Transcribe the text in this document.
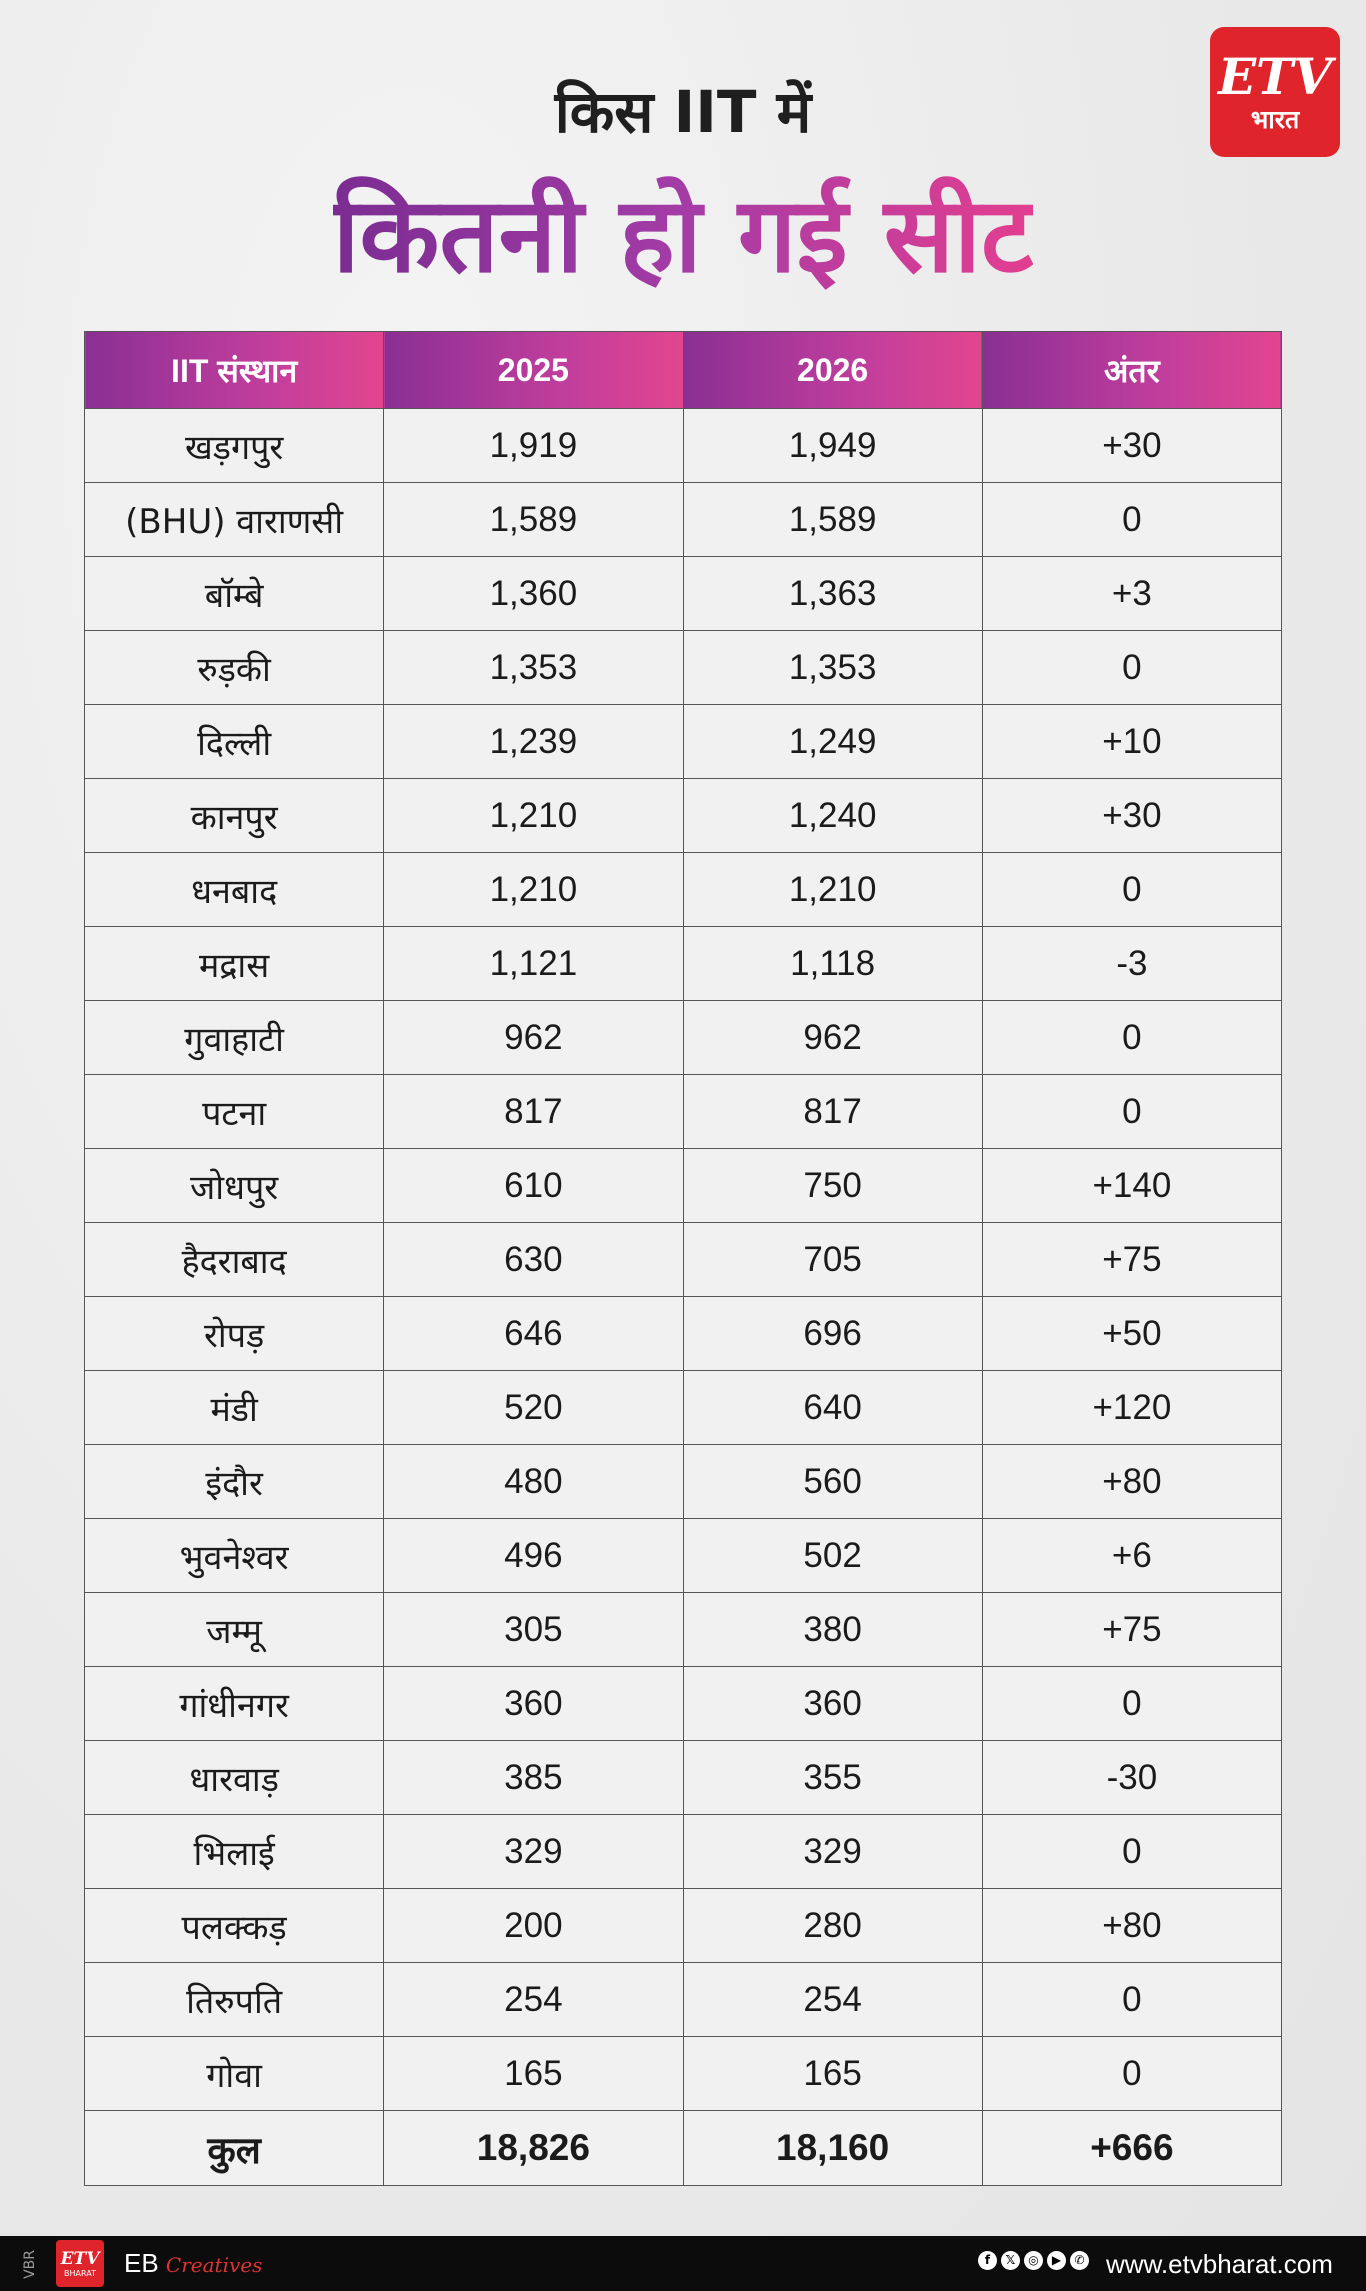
ETV
भारत
किस IIT में
कितनी हो गई सीट
IIT संस्थान	2025	2026	अंतर
खड़गपुर	1,919	1,949	+30
(BHU) वाराणसी	1,589	1,589	0
बॉम्बे	1,360	1,363	+3
रुड़की	1,353	1,353	0
दिल्ली	1,239	1,249	+10
कानपुर	1,210	1,240	+30
धनबाद	1,210	1,210	0
मद्रास	1,121	1,118	-3
गुवाहाटी	962	962	0
पटना	817	817	0
जोधपुर	610	750	+140
हैदराबाद	630	705	+75
रोपड़	646	696	+50
मंडी	520	640	+120
इंदौर	480	560	+80
भुवनेश्वर	496	502	+6
जम्मू	305	380	+75
गांधीनगर	360	360	0
धारवाड़	385	355	-30
भिलाई	329	329	0
पलक्कड़	200	280	+80
तिरुपति	254	254	0
गोवा	165	165	0
कुल	18,826	18,160	+666
VBR ETV
BHARAT EB Creatives	f	𝕏	◎	▶	✆ www.etvbharat.com
